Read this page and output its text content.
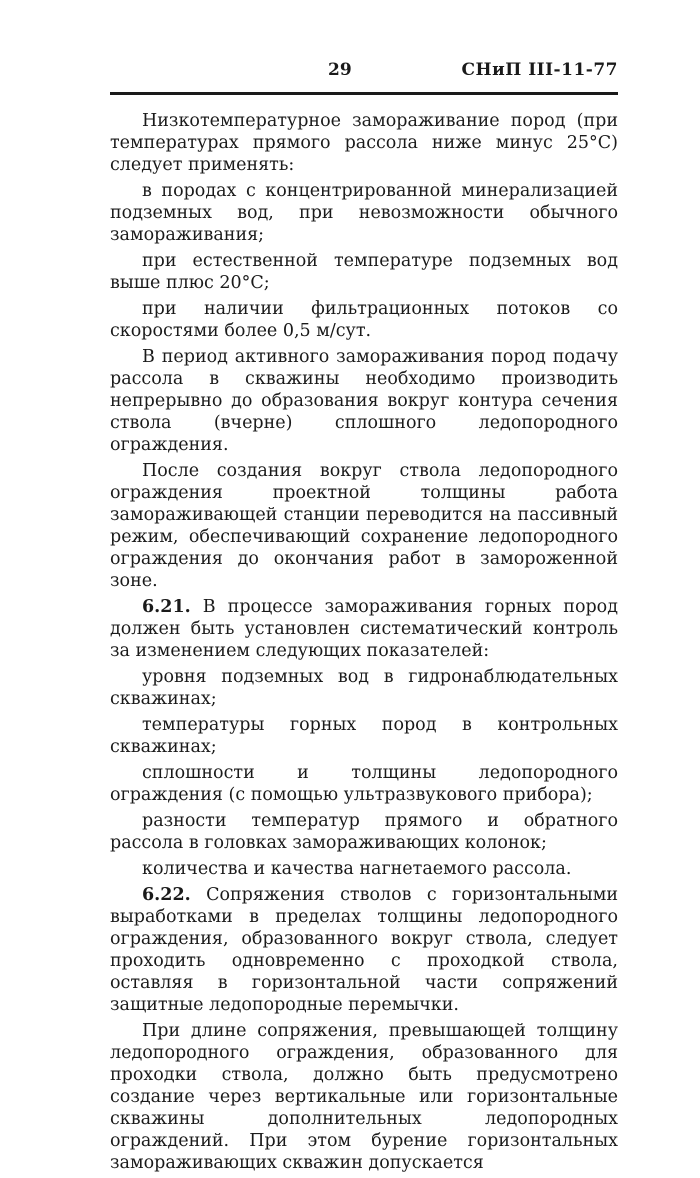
29	СНиП III-11-77

Низкотемпературное замораживание пород (при температурах прямого рассола ниже минус 25°С) следует применять:

в породах с концентрированной минерализацией подземных вод, при невозможности обычного замораживания;

при естественной температуре подземных вод выше плюс 20°С;

при наличии фильтрационных потоков со скоростями более 0,5 м/сут.

В период активного замораживания пород подачу рассола в скважины необходимо производить непрерывно до образования вокруг контура сечения ствола (вчерне) сплошного ледопородного ограждения.

После создания вокруг ствола ледопородного ограждения проектной толщины работа замораживающей станции переводится на пассивный режим, обеспечивающий сохранение ледопородного ограждения до окончания работ в замороженной зоне.

6.21. В процессе замораживания горных пород должен быть установлен систематический контроль за изменением следующих показателей:

уровня подземных вод в гидронаблюдательных скважинах;

температуры горных пород в контрольных скважинах;

сплошности и толщины ледопородного ограждения (с помощью ультразвукового прибора);

разности температур прямого и обратного рассола в головках замораживающих колонок;

количества и качества нагнетаемого рассола.

6.22. Сопряжения стволов с горизонтальными выработками в пределах толщины ледопородного ограждения, образованного вокруг ствола, следует проходить одновременно с проходкой ствола, оставляя в горизонтальной части сопряжений защитные ледопородные перемычки.

При длине сопряжения, превышающей толщину ледопородного ограждения, образованного для проходки ствола, должно быть предусмотрено создание через вертикальные или горизонтальные скважины дополнительных ледопородных ограждений. При этом бурение горизонтальных замораживающих скважин допускается
